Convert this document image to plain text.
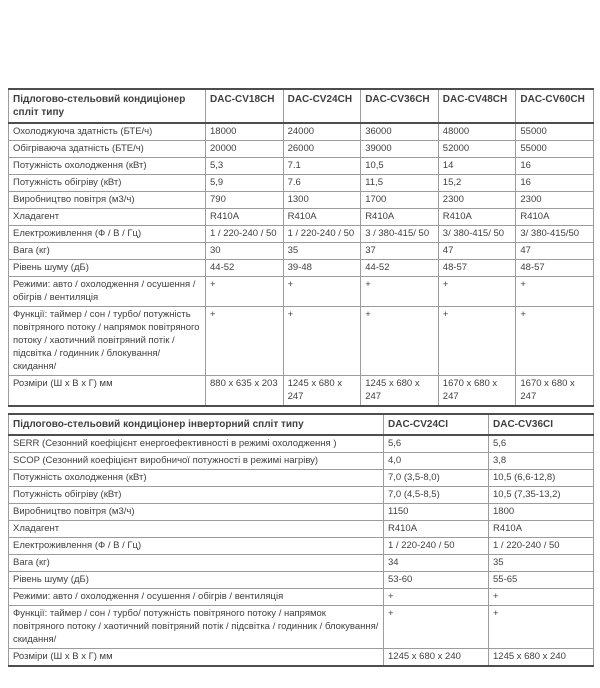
Підлогово-стельовий кондиціонер спліт типу	DAC-CV18CH	DAC-CV24CH	DAC-CV36CH	DAC-CV48CH	DAC-CV60CH
Охолоджуюча здатність (БТЕ/ч)	18000	24000	36000	48000	55000
Обігріваюча здатність (БТЕ/ч)	20000	26000	39000	52000	55000
Потужність охолодження (кВт)	5,3	7.1	10,5	14	16
Потужність обігріву (кВт)	5,9	7.6	11,5	15,2	16
Виробництво повітря (м3/ч)	790	1300	1700	2300	2300
Хладагент	R410A	R410A	R410A	R410A	R410A
Електроживлення (Ф / В / Гц)	1 / 220-240 / 50	1 / 220-240 / 50	3 / 380-415/ 50	3/ 380-415/ 50	3/ 380-415/50
Вага (кг)	30	35	37	47	47
Рівень шуму (дБ)	44-52	39-48	44-52	48-57	48-57
Режими: авто / охолодження / осушення / обігрів / вентиляція	+	+	+	+	+
Функції: таймер / сон / турбо/ потужність повітряного потоку / напрямок повітряного потоку / хаотичний повітряний потік / підсвітка / годинник / блокування/ скидання/	+	+	+	+	+
Розміри (Ш х В х Г) мм	880 x 635 x 203	1245 x 680 x 247	1245 x 680 x 247	1670 x 680 x 247	1670 x 680 x 247
Підлогово-стельовий кондиціонер інверторний спліт типу	DAC-CV24CI	DAC-CV36CI
SERR (Сезонний коефіцієнт енергоефективності в режимі охолодження )	5,6	5,6
SCOP (Сезонний коефіцієнт виробничої потужності в режимі нагріву)	4,0	3,8
Потужність охолодження (кВт)	7,0 (3,5-8,0)	10,5 (6,6-12,8)
Потужність обігріву (кВт)	7,0 (4,5-8,5)	10,5 (7,35-13,2)
Виробництво повітря (м3/ч)	1150	1800
Хладагент	R410A	R410A
Електроживлення (Ф / В / Гц)	1 / 220-240 / 50	1 / 220-240 / 50
Вага (кг)	34	35
Рівень шуму (дБ)	53-60	55-65
Режими: авто / охолодження / осушення / обігрів / вентиляція	+	+
Функції: таймер / сон / турбо/ потужність повітряного потоку / напрямок повітряного потоку / хаотичний повітряний потік / підсвітка / годинник / блокування/ скидання/	+	+
Розміри (Ш х В х Г) мм	1245 x 680 x 240	1245 x 680 x 240
